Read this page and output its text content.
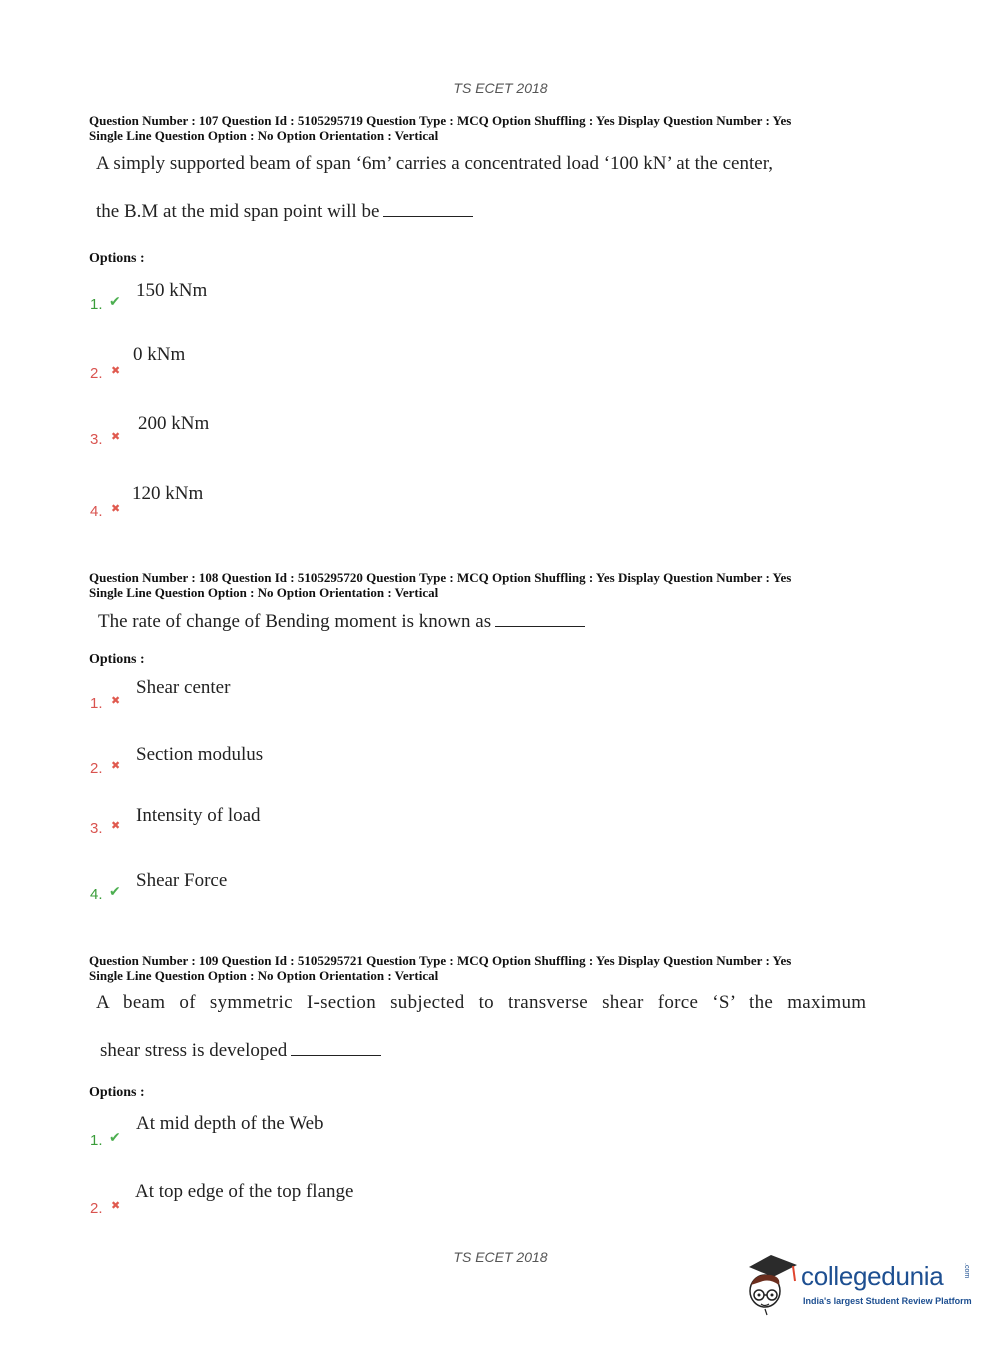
TS ECET 2018
Question Number : 107 Question Id : 5105295719 Question Type : MCQ Option Shuffling : Yes Display Question Number : Yes
Single Line Question Option : No Option Orientation : Vertical
A simply supported beam of span ‘6m’ carries a concentrated load ‘100 kN’ at the center,
the B.M at the mid span point will be
Options :
1. ✔
150 kNm
2. ✖
0 kNm
3. ✖
200 kNm
4. ✖
120 kNm
Question Number : 108 Question Id : 5105295720 Question Type : MCQ Option Shuffling : Yes Display Question Number : Yes
Single Line Question Option : No Option Orientation : Vertical
The rate of change of Bending moment is known as
Options :
1. ✖
Shear center
2. ✖
Section modulus
3. ✖ Intensity of load
4. ✔
Shear Force
Question Number : 109 Question Id : 5105295721 Question Type : MCQ Option Shuffling : Yes Display Question Number : Yes
Single Line Question Option : No Option Orientation : Vertical
A beam of symmetric I-section subjected to transverse shear force ‘S’ the maximum
shear stress is developed
Options :
1. ✔
At mid depth of the Web
2. ✖
At top edge of the top flange
TS ECET 2018
collegedunia	.com
India's largest Student Review Platform
